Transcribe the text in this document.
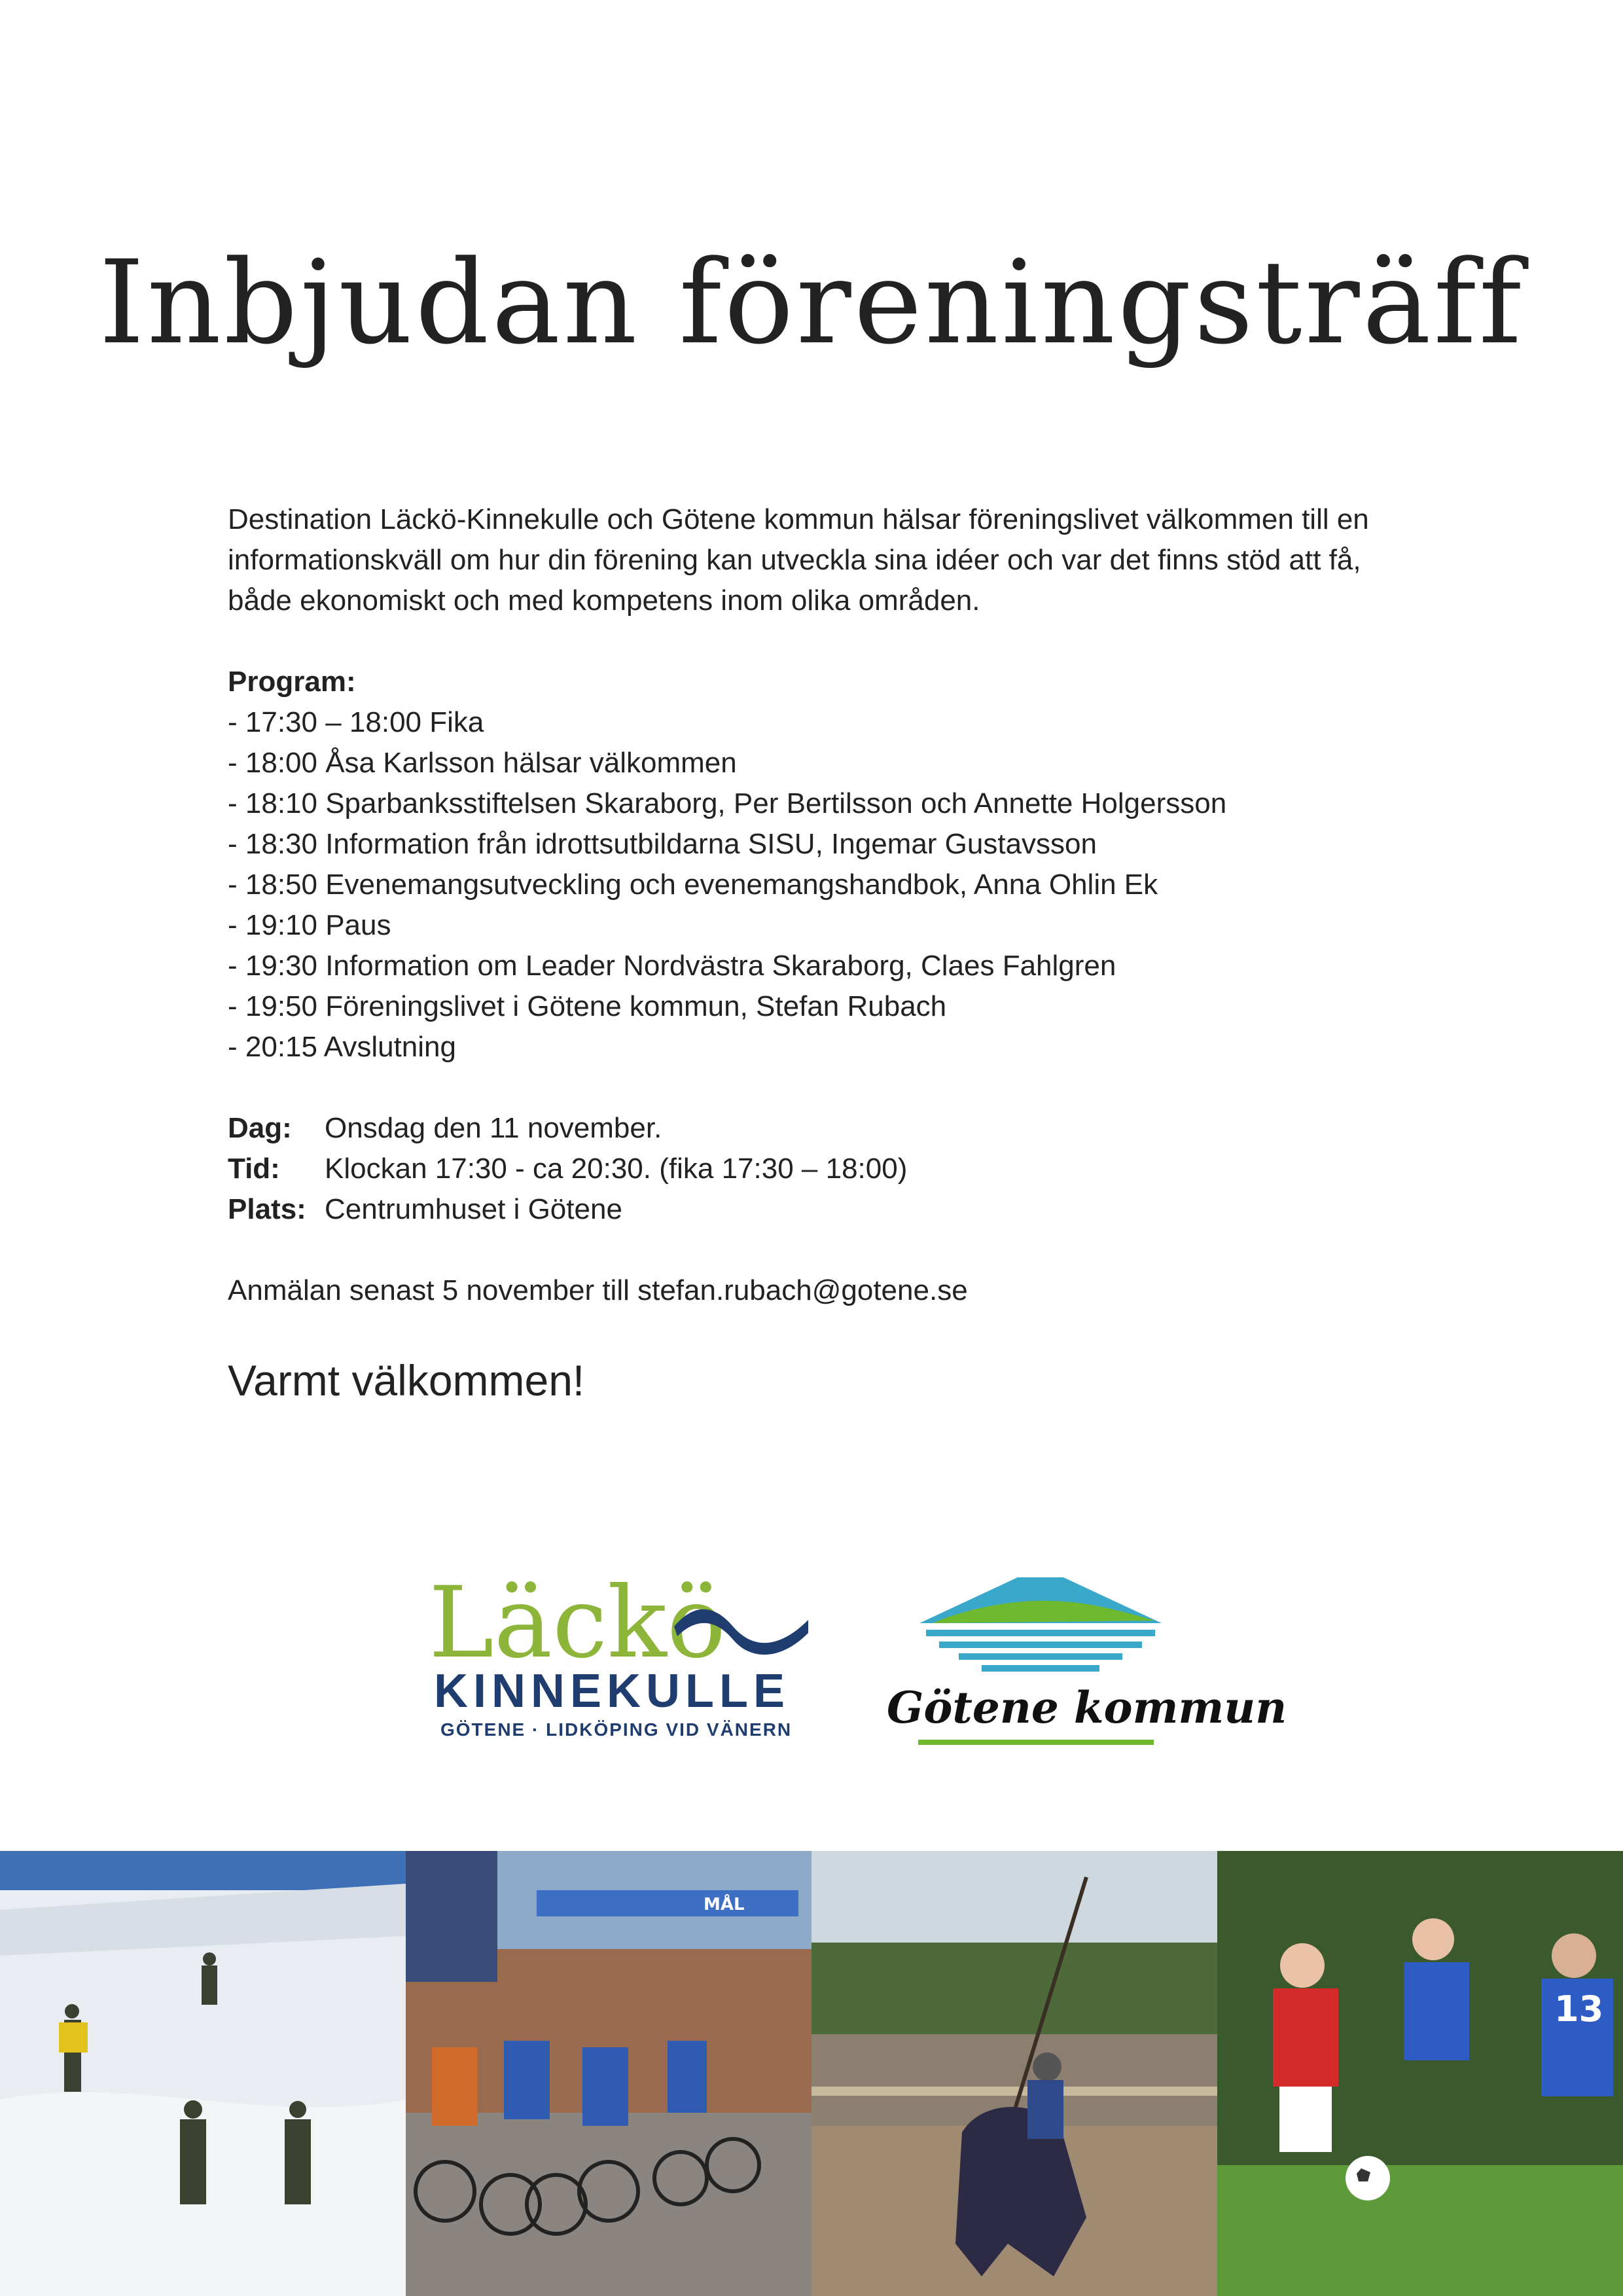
Inbjudan föreningsträff

Destination Läckö-Kinnekulle och Götene kommun hälsar föreningslivet välkommen till en informationskväll om hur din förening kan utveckla sina idéer och var det finns stöd att få, både ekonomiskt och med kompetens inom olika områden.

Program:
- 17:30 – 18:00 Fika
- 18:00 Åsa Karlsson hälsar välkommen
- 18:10 Sparbanksstiftelsen Skaraborg, Per Bertilsson och Annette Holgersson
- 18:30 Information från idrottsutbildarna SISU, Ingemar Gustavsson
- 18:50 Evenemangsutveckling och evenemangshandbok, Anna Ohlin Ek
- 19:10 Paus
- 19:30 Information om Leader Nordvästra Skaraborg, Claes Fahlgren
- 19:50 Föreningslivet i Götene kommun, Stefan Rubach
- 20:15 Avslutning
Dag:	Onsdag den 11 november.
Tid:	Klockan 17:30 - ca 20:30. (fika 17:30 – 18:00)
Plats: Centrumhuset i Götene

Anmälan senast 5 november till stefan.rubach@gotene.se

Varmt välkommen!

Läckö
KINNEKULLE
GÖTENE · LIDKÖPING VID VÄNERN Götene kommun
MÅL
13
